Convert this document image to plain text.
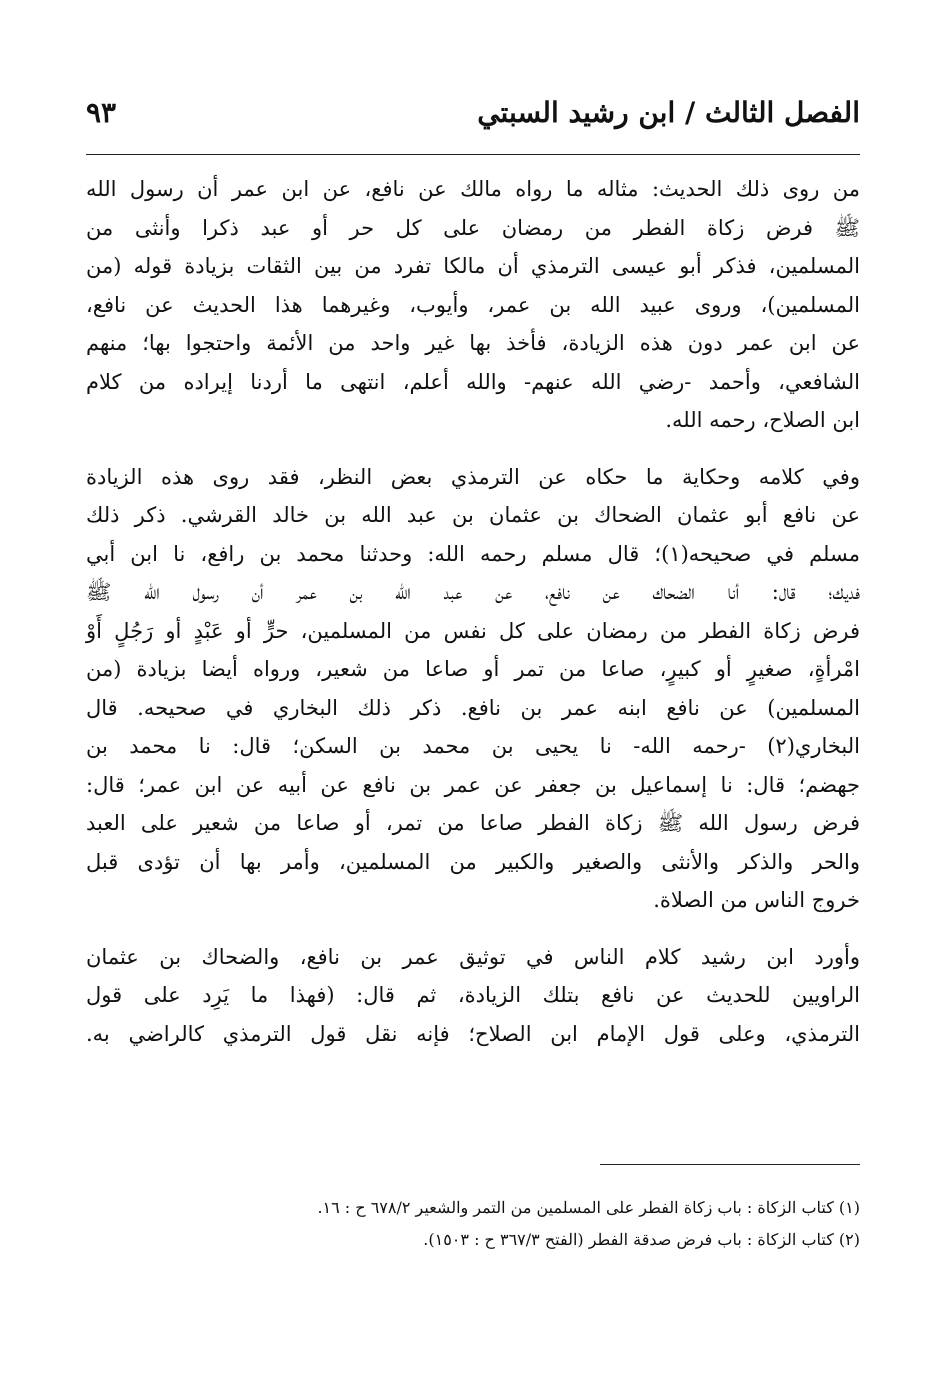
الفصل الثالث / ابن رشيد السبتي
٩٣

من روى ذلك الحديث: مثاله ما رواه مالك عن نافع، عن ابن عمر أن رسول الله
ﷺ فرض زكاة الفطر من رمضان على كل حر أو عبد ذكرا وأنثى من
المسلمين، فذكر أبو عيسى الترمذي أن مالكا تفرد من بين الثقات بزيادة قوله (من
المسلمين)، وروى عبيد الله بن عمر، وأيوب، وغيرهما هذا الحديث عن نافع،
عن ابن عمر دون هذه الزيادة، فأخذ بها غير واحد من الأئمة واحتجوا بها؛ منهم
الشافعي، وأحمد -رضي الله عنهم- والله أعلم، انتهى ما أردنا إيراده من كلام
ابن الصلاح، رحمه الله.

وفي كلامه وحكاية ما حكاه عن الترمذي بعض النظر، فقد روى هذه الزيادة
عن نافع أبو عثمان الضحاك بن عثمان بن عبد الله بن خالد القرشي. ذكر ذلك
مسلم في صحيحه(١)؛ قال مسلم رحمه الله: وحدثنا محمد بن رافع، نا ابن أبي
فديك؛ قال: أنا الضحاك عن نافع، عن عبد الله بن عمر أن رسول الله ﷺ
فرض زكاة الفطر من رمضان على كل نفس من المسلمين، حرٍّ أو عَبْدٍ أو رَجُلٍ أَوْ
امْرأةٍ، صغيرٍ أو كبيرٍ، صاعا من تمر أو صاعا من شعير، ورواه أيضا بزيادة (من
المسلمين) عن نافع ابنه عمر بن نافع. ذكر ذلك البخاري في صحيحه. قال
البخاري(٢) -رحمه الله- نا يحيى بن محمد بن السكن؛ قال: نا محمد بن
جهضم؛ قال: نا إسماعيل بن جعفر عن عمر بن نافع عن أبيه عن ابن عمر؛ قال:
فرض رسول الله ﷺ زكاة الفطر صاعا من تمر، أو صاعا من شعير على العبد
والحر والذكر والأنثى والصغير والكبير من المسلمين، وأمر بها أن تؤدى قبل
خروج الناس من الصلاة.

وأورد ابن رشيد كلام الناس في توثيق عمر بن نافع، والضحاك بن عثمان
الراويين للحديث عن نافع بتلك الزيادة، ثم قال: (فهذا ما يَرِد على قول
الترمذي، وعلى قول الإمام ابن الصلاح؛ فإنه نقل قول الترمذي كالراضي به.

(١) كتاب الزكاة : باب زكاة الفطر على المسلمين من التمر والشعير ٦٧٨/٢ ح : ١٦.
(٢) كتاب الزكاة : باب فرض صدقة الفطر (الفتح ٣٦٧/٣ ح : ١٥٠٣).
